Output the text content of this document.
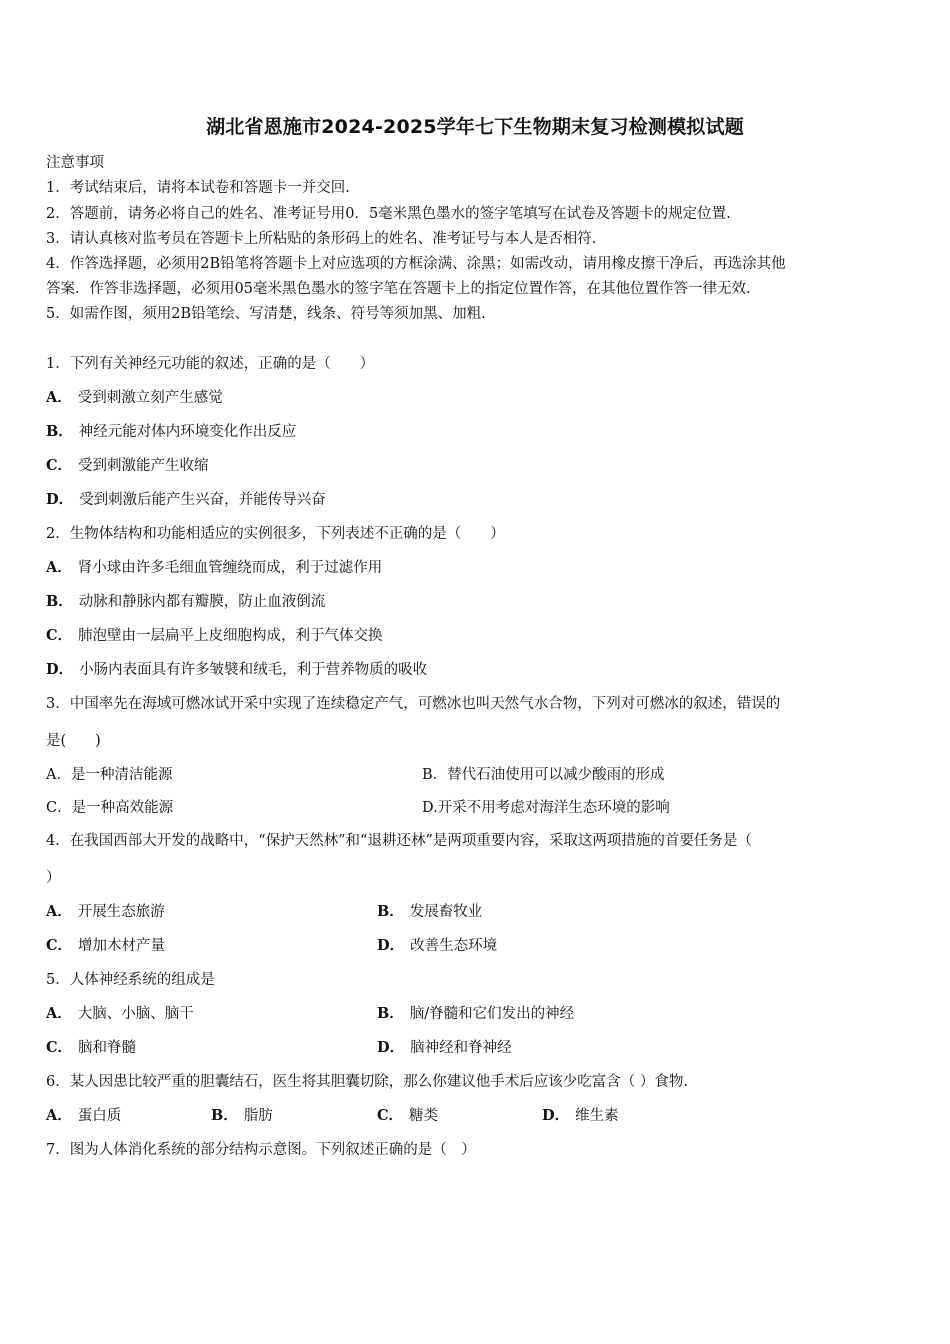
湖北省恩施市2024-2025学年七下生物期末复习检测模拟试题
注意事项
1．考试结束后，请将本试卷和答题卡一并交回.
2．答题前，请务必将自己的姓名、准考证号用0．5毫米黑色墨水的签字笔填写在试卷及答题卡的规定位置.
3．请认真核对监考员在答题卡上所粘贴的条形码上的姓名、准考证号与本人是否相符.
4．作答选择题，必须用2B铅笔将答题卡上对应选项的方框涂满、涂黑；如需改动，请用橡皮擦干净后，再选涂其他
答案．作答非选择题，必须用05毫米黑色墨水的签字笔在答题卡上的指定位置作答，在其他位置作答一律无效.
5．如需作图，须用2B铅笔绘、写清楚，线条、符号等须加黑、加粗.
1．下列有关神经元功能的叙述，正确的是（　　）
A． 受到刺激立刻产生感觉
B． 神经元能对体内环境变化作出反应
C． 受到刺激能产生收缩
D． 受到刺激后能产生兴奋，并能传导兴奋
2．生物体结构和功能相适应的实例很多，下列表述不正确的是（　　）
A． 肾小球由许多毛细血管缠绕而成，利于过滤作用
B． 动脉和静脉内都有瓣膜，防止血液倒流
C． 肺泡壁由一层扁平上皮细胞构成，利于气体交换
D． 小肠内表面具有许多皱襞和绒毛，利于营养物质的吸收
3．中国率先在海域可燃冰试开采中实现了连续稳定产气，可燃冰也叫天然气水合物，下列对可燃冰的叙述，错误的
是(　　)
A．是一种清洁能源	B．替代石油使用可以减少酸雨的形成
C．是一种高效能源	D.开采不用考虑对海洋生态环境的影响
4．在我国西部大开发的战略中，“保护天然林”和“退耕还林”是两项重要内容，采取这两项措施的首要任务是（
）
A． 开展生态旅游	B． 发展畜牧业
C． 增加木材产量	D． 改善生态环境
5．人体神经系统的组成是
A． 大脑、小脑、脑干	B． 脑/脊髓和它们发出的神经
C． 脑和脊髓	D． 脑神经和脊神经
6．某人因患比较严重的胆囊结石，医生将其胆囊切除，那么你建议他手术后应该少吃富含（ ）食物.
A． 蛋白质	B． 脂肪	C． 糖类	D． 维生素
7．图为人体消化系统的部分结构示意图。下列叙述正确的是（　）
